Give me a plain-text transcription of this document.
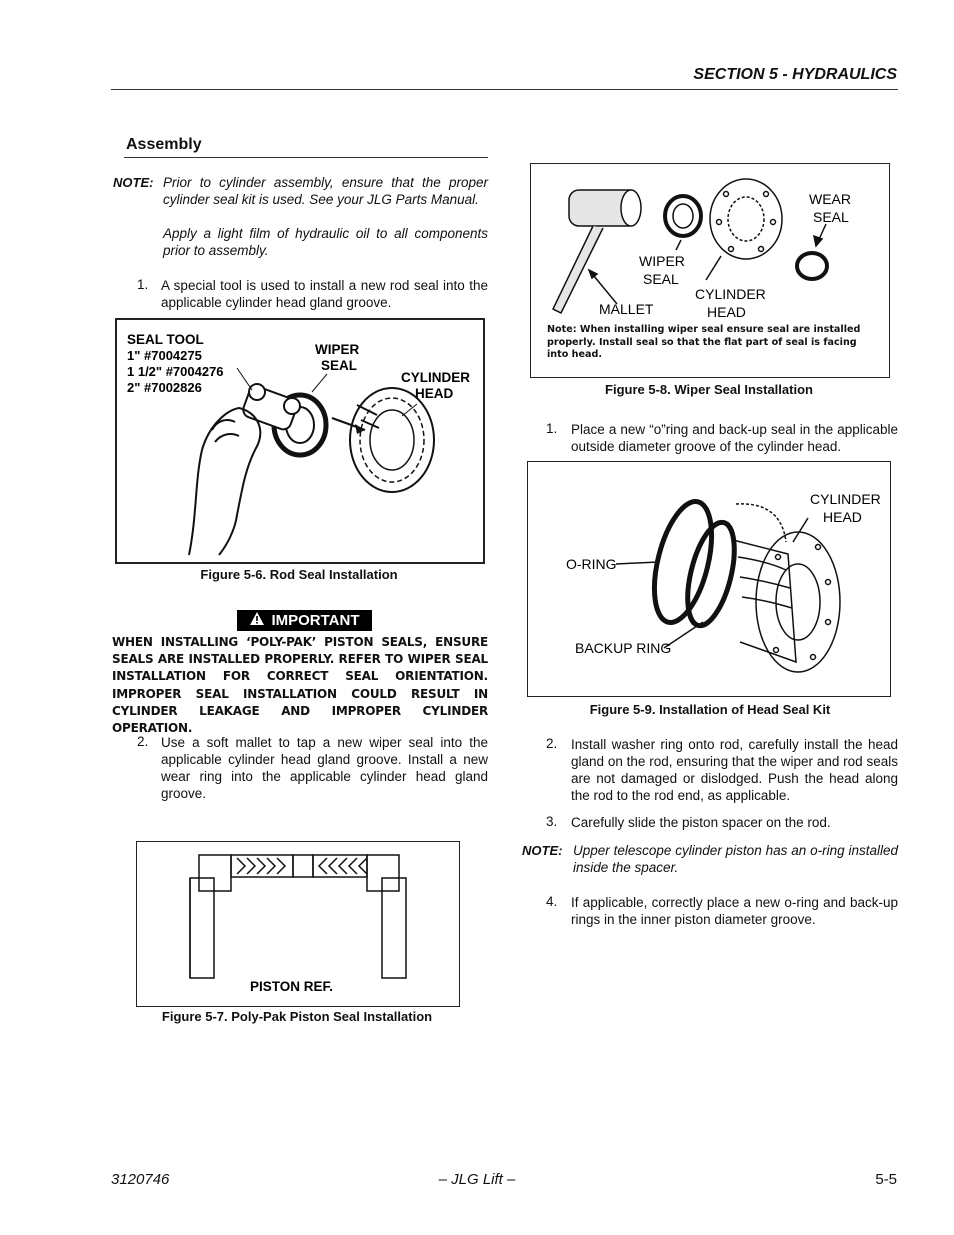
SECTION 5 - HYDRAULICS
Assembly
NOTE: Prior to cylinder assembly, ensure that the proper cylinder seal kit is used. See your JLG Parts Manual.
Apply a light film of hydraulic oil to all components prior to assembly.
1. A special tool is used to install a new rod seal into the applicable cylinder head gland groove.
SEAL TOOL
1" #7004275
1 1/2" #7004276
2" #7002826
WIPER
SEAL
CYLINDER
HEAD
Figure 5-6. Rod Seal Installation
IMPORTANT
WHEN INSTALLING ‘POLY-PAK’ PISTON SEALS, ENSURE SEALS ARE INSTALLED PROPERLY. REFER TO WIPER SEAL INSTALLATION FOR CORRECT SEAL ORIENTATION. IMPROPER SEAL INSTALLATION COULD RESULT IN CYLINDER LEAKAGE AND IMPROPER CYLINDER OPERATION.
2. Use a soft mallet to tap a new wiper seal into the applicable cylinder head gland groove. Install a new wear ring into the applicable cylinder head gland groove.
PISTON REF.
Figure 5-7. Poly-Pak Piston Seal Installation
WEAR
SEAL
WIPER
SEAL
CYLINDER
HEAD
MALLET
Note: When installing wiper seal ensure seal are installed properly. Install seal so that the flat part of seal is facing into head.
Figure 5-8. Wiper Seal Installation
1. Place a new “o”ring and back-up seal in the applicable outside diameter groove of the cylinder head.
CYLINDER
HEAD
O-RING
BACKUP RING
Figure 5-9. Installation of Head Seal Kit
2. Install washer ring onto rod, carefully install the head gland on the rod, ensuring that the wiper and rod seals are not damaged or dislodged. Push the head along the rod to the rod end, as applicable.
3. Carefully slide the piston spacer on the rod.
NOTE: Upper telescope cylinder piston has an o-ring installed inside the spacer.
4. If applicable, correctly place a new o-ring and back-up rings in the inner piston diameter groove.
3120746	– JLG Lift –	5-5
